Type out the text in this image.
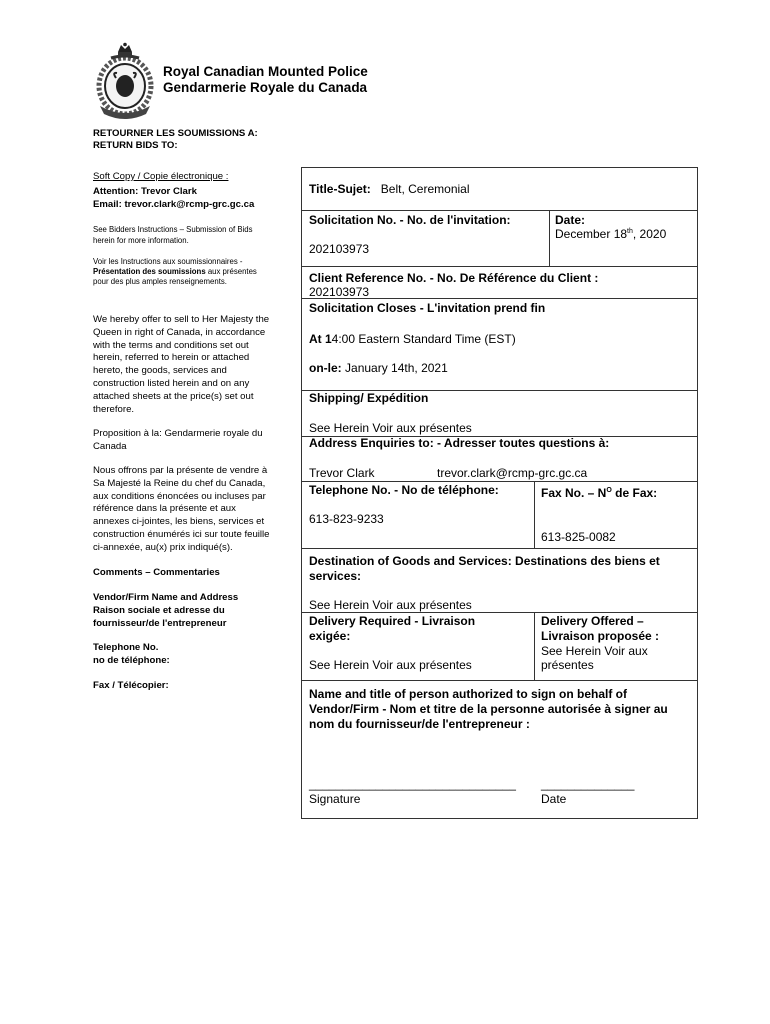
Royal Canadian Mounted Police
Gendarmerie Royale du Canada
RETOURNER LES SOUMISSIONS A:
RETURN BIDS TO:
Soft Copy / Copie électronique :
Attention: Trevor Clark
Email: trevor.clark@rcmp-grc.gc.ca
See Bidders Instructions – Submission of Bids
herein for more information.
Voir les Instructions aux soumissionnaires -
Présentation des soumissions aux présentes
pour des plus amples renseignements.
We hereby offer to sell to Her Majesty the
Queen in right of Canada, in accordance
with the terms and conditions set out
herein, referred to herein or attached
hereto, the goods, services and
construction listed herein and on any
attached sheets at the price(s) set out
therefore.
Proposition à la: Gendarmerie royale du
Canada
Nous offrons par la présente de vendre à
Sa Majesté la Reine du chef du Canada,
aux conditions énoncées ou incluses par
référence dans la présente et aux
annexes ci-jointes, les biens, services et
construction énumérés ici sur toute feuille
ci-annexée, au(x) prix indiqué(s).
Comments – Commentaries
Vendor/Firm Name and Address
Raison sociale et adresse du
fournisseur/de l'entrepreneur
Telephone No.
no de téléphone:
Fax / Télécopier:
Title-Sujet: Belt, Ceremonial
Solicitation No. - No. de l'invitation:
202103973
Date:
December 18th, 2020
Client Reference No. - No. De Référence du Client :
202103973
Solicitation Closes - L'invitation prend fin
At 14:00 Eastern Standard Time (EST)
on-le: January 14th, 2021
Shipping/ Expédition
See Herein Voir aux présentes
Address Enquiries to: - Adresser toutes questions à:
Trevor Clark	trevor.clark@rcmp-grc.gc.ca
Telephone No. - No de téléphone:
613-823-9233
Fax No. – $N^O$ de Fax:
613-825-0082
Destination of Goods and Services: Destinations des biens et
services:
See Herein Voir aux présentes
Delivery Required - Livraison
exigée:
See Herein Voir aux présentes
Delivery Offered –
Livraison proposée :
See Herein Voir aux
présentes
Name and title of person authorized to sign on behalf of
Vendor/Firm - Nom et titre de la personne autorisée à signer au
nom du fournisseur/de l'entrepreneur :
_______________________________ ______________
Signature	Date
